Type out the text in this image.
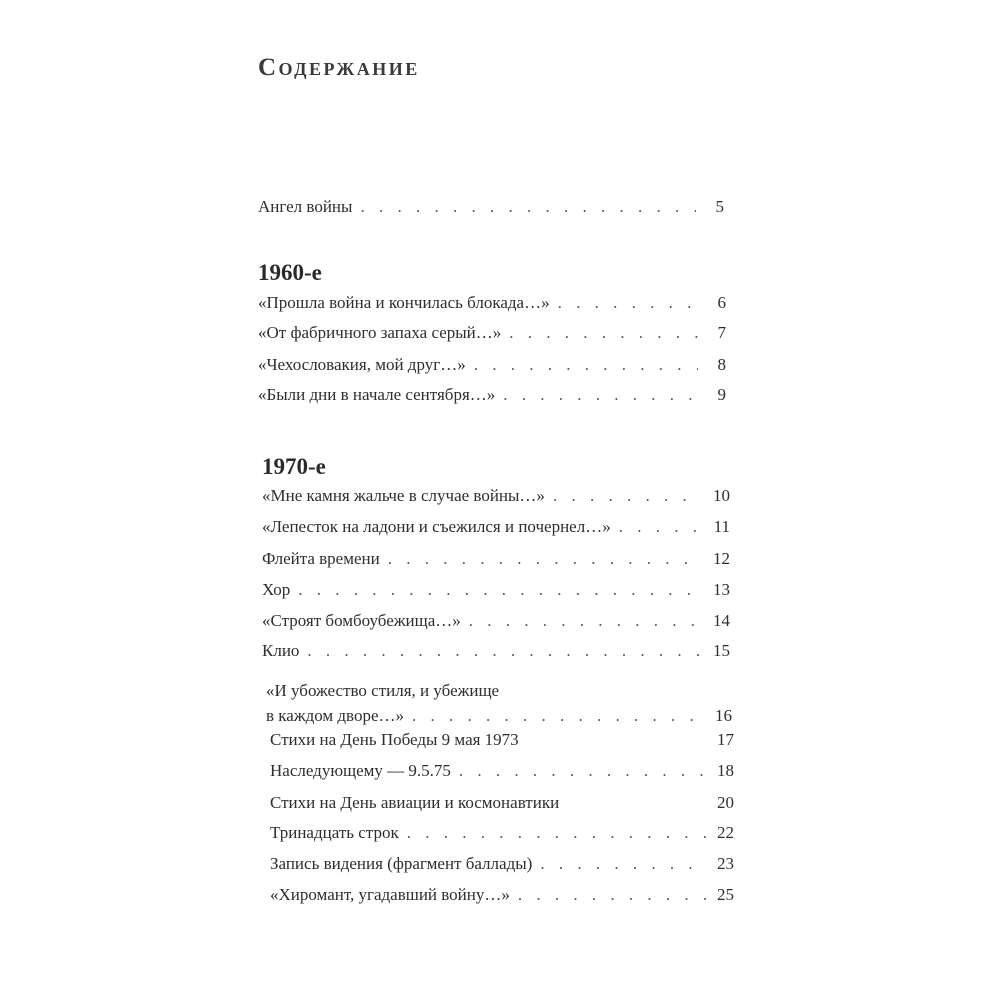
Содержание
Ангел войны . . .	5
1960-е
«Прошла война и кончилась блокада…» . . .	6
«От фабричного запаха серый…» . . .	7
«Чехословакия, мой друг…» . . .	8
«Были дни в начале сентября…» . . .	9
1970-е
«Мне камня жальче в случае войны…» . . .	10
«Лепесток на ладони и съежился и почернел…» . . .	11
Флейта времени . . .	12
Хор . . .	13
«Строят бомбоубежища…» . . .	14
Клио . . .	15
«И убожество стиля, и убежище
в каждом дворе…» . . .	16
Стихи на День Победы 9 мая 1973	17
Наследующему — 9.5.75 . . .	18
Стихи на День авиации и космонавтики	20
Тринадцать строк . . .	22
Запись видения (фрагмент баллады) . . .	23
«Хиромант, угадавший войну…» . . .	25
